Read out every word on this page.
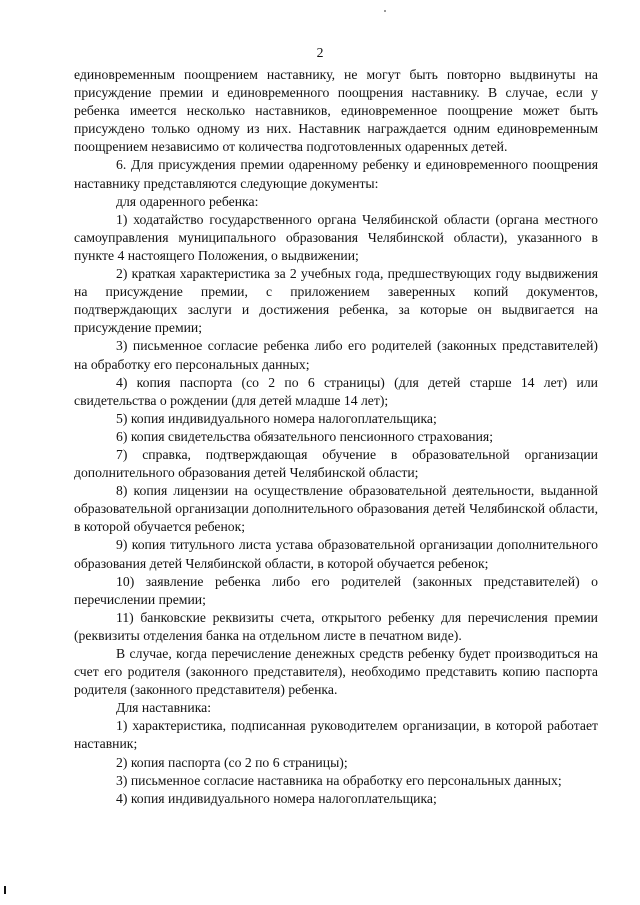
2

единовременным поощрением наставнику, не могут быть повторно выдвинуты на присуждение премии и единовременного поощрения наставнику. В случае, если у ребенка имеется несколько наставников, единовременное поощрение может быть присуждено только одному из них. Наставник награждается одним единовременным поощрением независимо от количества подготовленных одаренных детей.

6. Для присуждения премии одаренному ребенку и единовременного поощрения наставнику представляются следующие документы:

для одаренного ребенка:

1) ходатайство государственного органа Челябинской области (органа местного самоуправления муниципального образования Челябинской области), указанного в пункте 4 настоящего Положения, о выдвижении;

2) краткая характеристика за 2 учебных года, предшествующих году выдвижения на присуждение премии, с приложением заверенных копий документов, подтверждающих заслуги и достижения ребенка, за которые он выдвигается на присуждение премии;

3) письменное согласие ребенка либо его родителей (законных представителей) на обработку его персональных данных;

4) копия паспорта (со 2 по 6 страницы) (для детей старше 14 лет) или свидетельства о рождении (для детей младше 14 лет);

5) копия индивидуального номера налогоплательщика;

6) копия свидетельства обязательного пенсионного страхования;

7) справка, подтверждающая обучение в образовательной организации дополнительного образования детей Челябинской области;

8) копия лицензии на осуществление образовательной деятельности, выданной образовательной организации дополнительного образования детей Челябинской области, в которой обучается ребенок;

9) копия титульного листа устава образовательной организации дополнительного образования детей Челябинской области, в которой обучается ребенок;

10) заявление ребенка либо его родителей (законных представителей) о перечислении премии;

11) банковские реквизиты счета, открытого ребенку для перечисления премии (реквизиты отделения банка на отдельном листе в печатном виде).

В случае, когда перечисление денежных средств ребенку будет производиться на счет его родителя (законного представителя), необходимо представить копию паспорта родителя (законного представителя) ребенка.

Для наставника:

1) характеристика, подписанная руководителем организации, в которой работает наставник;

2) копия паспорта (со 2 по 6 страницы);

3) письменное согласие наставника на обработку его персональных данных;

4) копия индивидуального номера налогоплательщика;
